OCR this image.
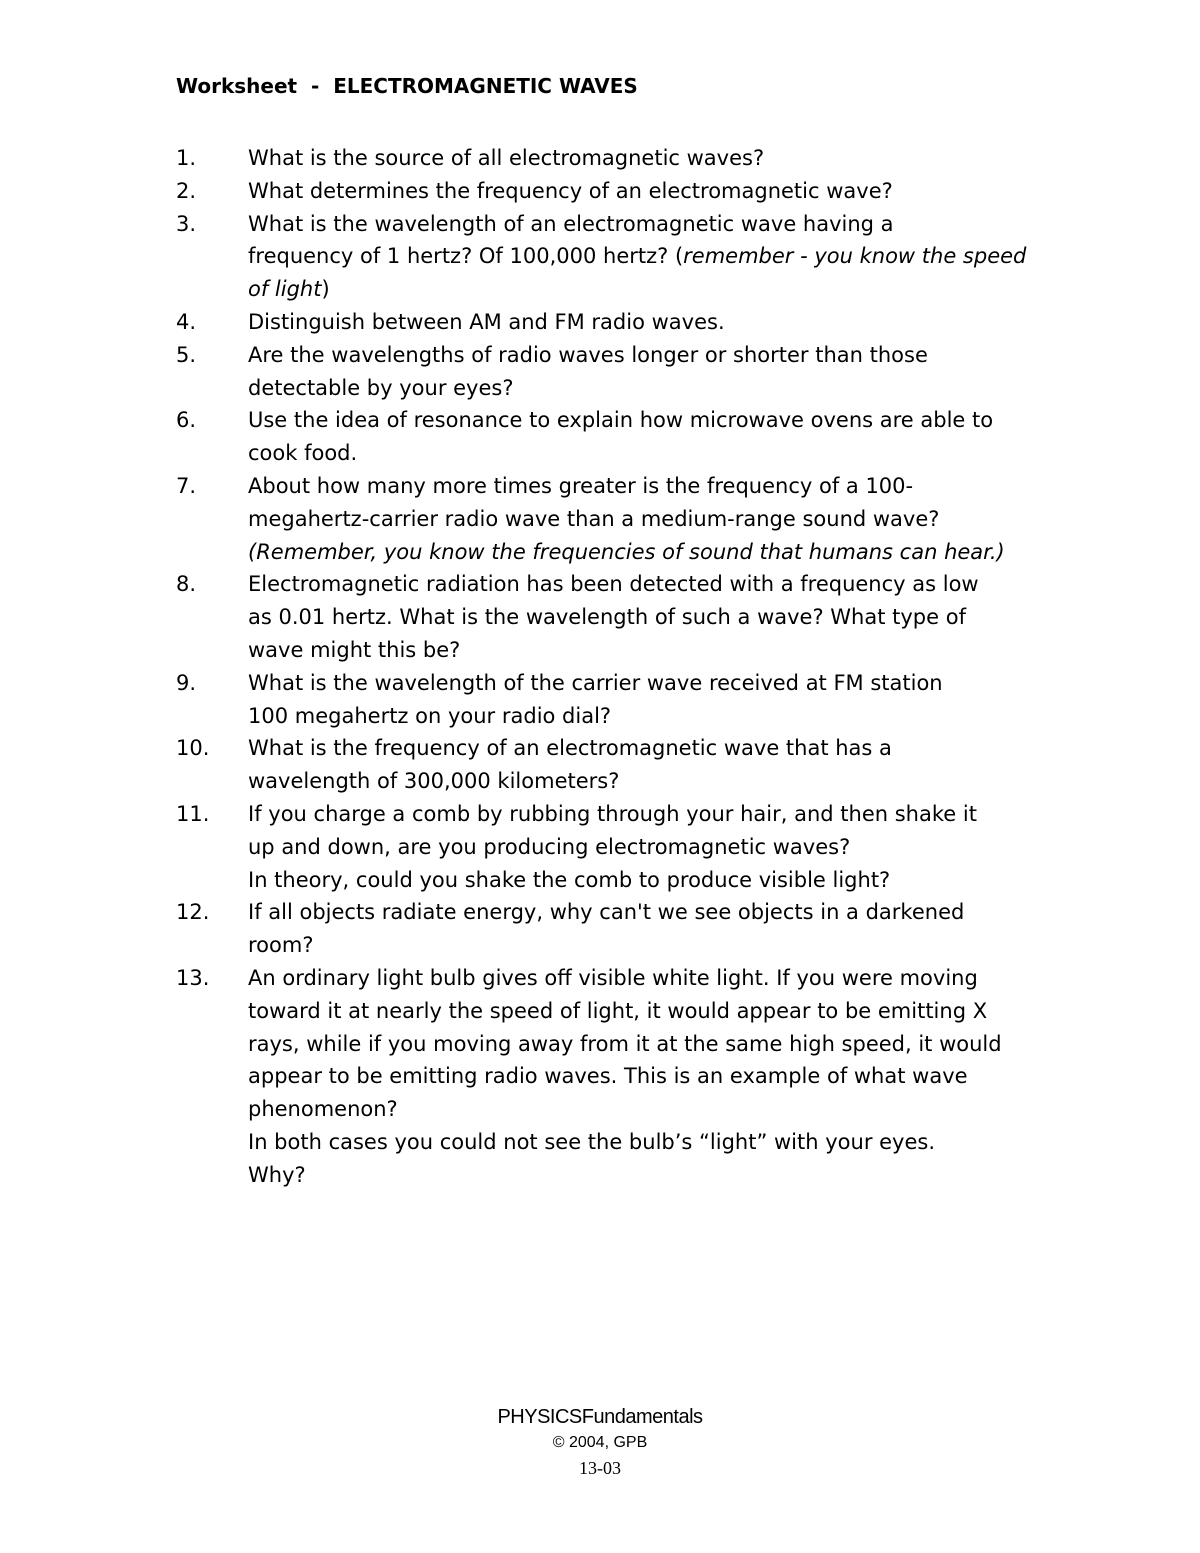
Worksheet  -  ELECTROMAGNETIC WAVES
1.	What is the source of all electromagnetic waves?
2.	What determines the frequency of an electromagnetic wave?
3.	What is the wavelength of an electromagnetic wave having a
frequency of 1 hertz? Of 100,000 hertz? (remember - you know the speed of light)
4.	Distinguish between AM and FM radio waves.
5.	Are the wavelengths of radio waves longer or shorter than those
detectable by your eyes?
6.	Use the idea of resonance to explain how microwave ovens are able to
cook food.
7.	About how many more times greater is the frequency of a 100-
megahertz-carrier radio wave than a medium-range sound wave?
(Remember, you know the frequencies of sound that humans can hear.)
8.	Electromagnetic radiation has been detected with a frequency as low
as 0.01 hertz. What is the wavelength of such a wave? What type of
wave might this be?
9.	What is the wavelength of the carrier wave received at FM station
100 megahertz on your radio dial?
10.	What is the frequency of an electromagnetic wave that has a
wavelength of 300,000 kilometers?
11.	If you charge a comb by rubbing through your hair, and then shake it
up and down, are you producing electromagnetic waves?
In theory, could you shake the comb to produce visible light?
12.	If all objects radiate energy, why can't we see objects in a darkened
room?
13.	An ordinary light bulb gives off visible white light. If you were moving
toward it at nearly the speed of light, it would appear to be emitting X
rays, while if you moving away from it at the same high speed, it would
appear to be emitting radio waves. This is an example of what wave
phenomenon?
In both cases you could not see the bulb’s “light” with your eyes.
Why?
PHYSICSFundamentals
© 2004, GPB
13-03
